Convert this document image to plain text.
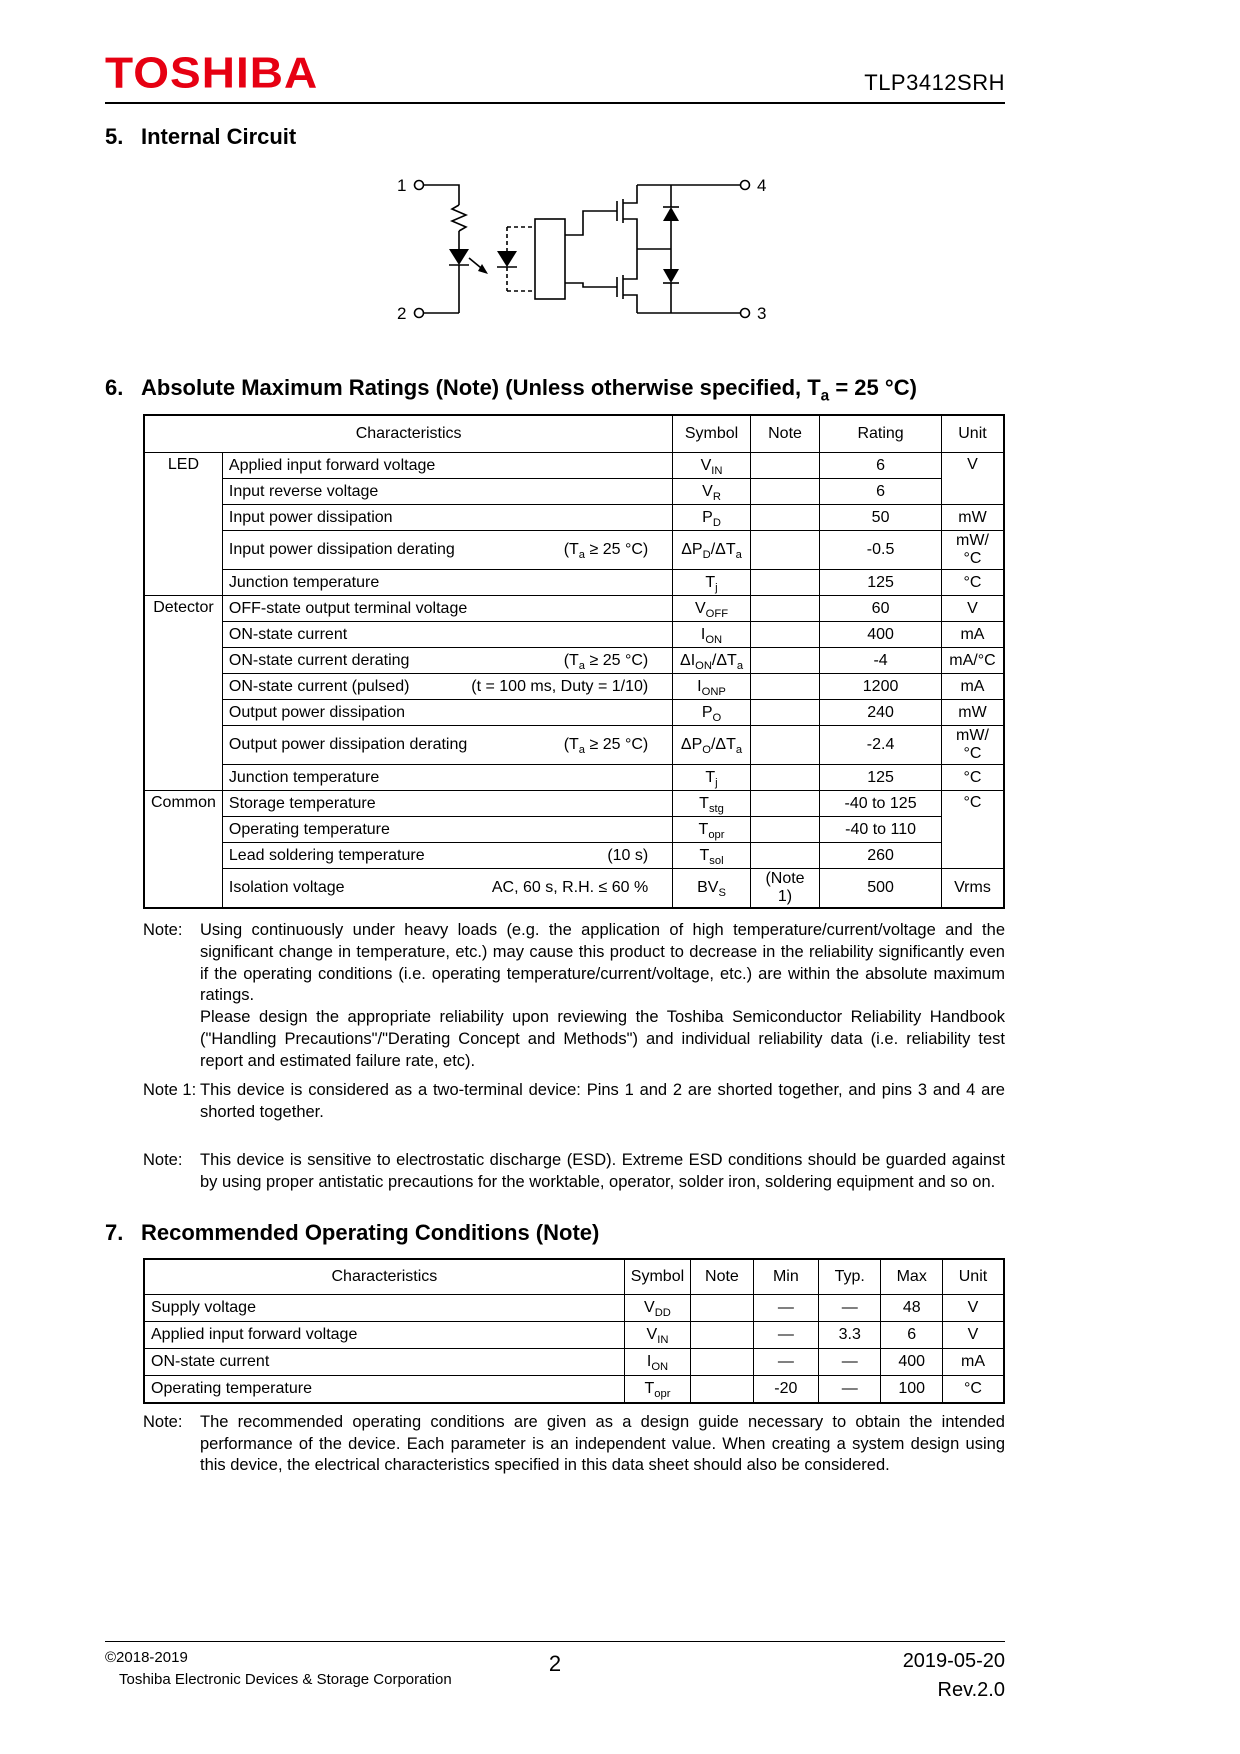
TOSHIBA	TLP3412SRH
5. Internal Circuit
1
2
4
3
6. Absolute Maximum Ratings (Note) (Unless otherwise specified, $T_a = 25$ °C)
Characteristics		Symbol	Note	Rating	Unit
LED	Applied input forward voltage	$V_{IN}$		6	V

	Input reverse voltage	$V_R$		6	

	Input power dissipation	$P_D$		50	mW

	Input power dissipation derating ($T_a \ge 25$ °C)	$\Delta P_D/\Delta T_a$		-0.5	mW/°C

	Junction temperature	$T_j$		125	°C
Detector	OFF-state output terminal voltage	$V_{OFF}$		60	V

	ON-state current	$I_{ON}$		400	mA

	ON-state current derating ($T_a \ge 25$ °C)	$\Delta I_{ON}/\Delta T_a$		-4	mA/°C

	ON-state current (pulsed) (t = 100 ms, Duty = 1/10)	$I_{ONP}$		1200	mA

	Output power dissipation	$P_O$		240	mW

	Output power dissipation derating ($T_a \ge 25$ °C)	$\Delta P_O/\Delta T_a$		-2.4	mW/°C

	Junction temperature	$T_j$		125	°C
Common	Storage temperature	$T_{stg}$		-40 to 125	°C

	Operating temperature	$T_{opr}$		-40 to 110	

	Lead soldering temperature (10 s)	$T_{sol}$		260	

	Isolation voltage AC, 60 s, R.H. ≤ 60 %	$BV_S$	(Note 1)	500	Vrms
Note:	Using continuously under heavy loads (e.g. the application of high temperature/current/voltage and the significant change in temperature, etc.) may cause this product to decrease in the reliability significantly even if the operating conditions (i.e. operating temperature/current/voltage, etc.) are within the absolute maximum ratings.

Please design the appropriate reliability upon reviewing the Toshiba Semiconductor Reliability Handbook ("Handling Precautions"/"Derating Concept and Methods") and individual reliability data (i.e. reliability test report and estimated failure rate, etc).

Note 1: This device is considered as a two-terminal device: Pins 1 and 2 are shorted together, and pins 3 and 4 are shorted together.

Note:	This device is sensitive to electrostatic discharge (ESD). Extreme ESD conditions should be guarded against by using proper antistatic precautions for the worktable, operator, solder iron, soldering equipment and so on.

7. Recommended Operating Conditions (Note)
Characteristics	Symbol	Note	Min	Typ.	Max	Unit
Supply voltage	$V_{DD}$		—	—	48	V
Applied input forward voltage	$V_{IN}$		—	3.3	6	V
ON-state current	$I_{ON}$		—	—	400	mA
Operating temperature	$T_{opr}$		-20	—	100	°C
Note:	The recommended operating conditions are given as a design guide necessary to obtain the intended performance of the device. Each parameter is an independent value. When creating a system design using this device, the electrical characteristics specified in this data sheet should also be considered.

©2018-2019
Toshiba Electronic Devices & Storage Corporation
2	2019-05-20
Rev.2.0
